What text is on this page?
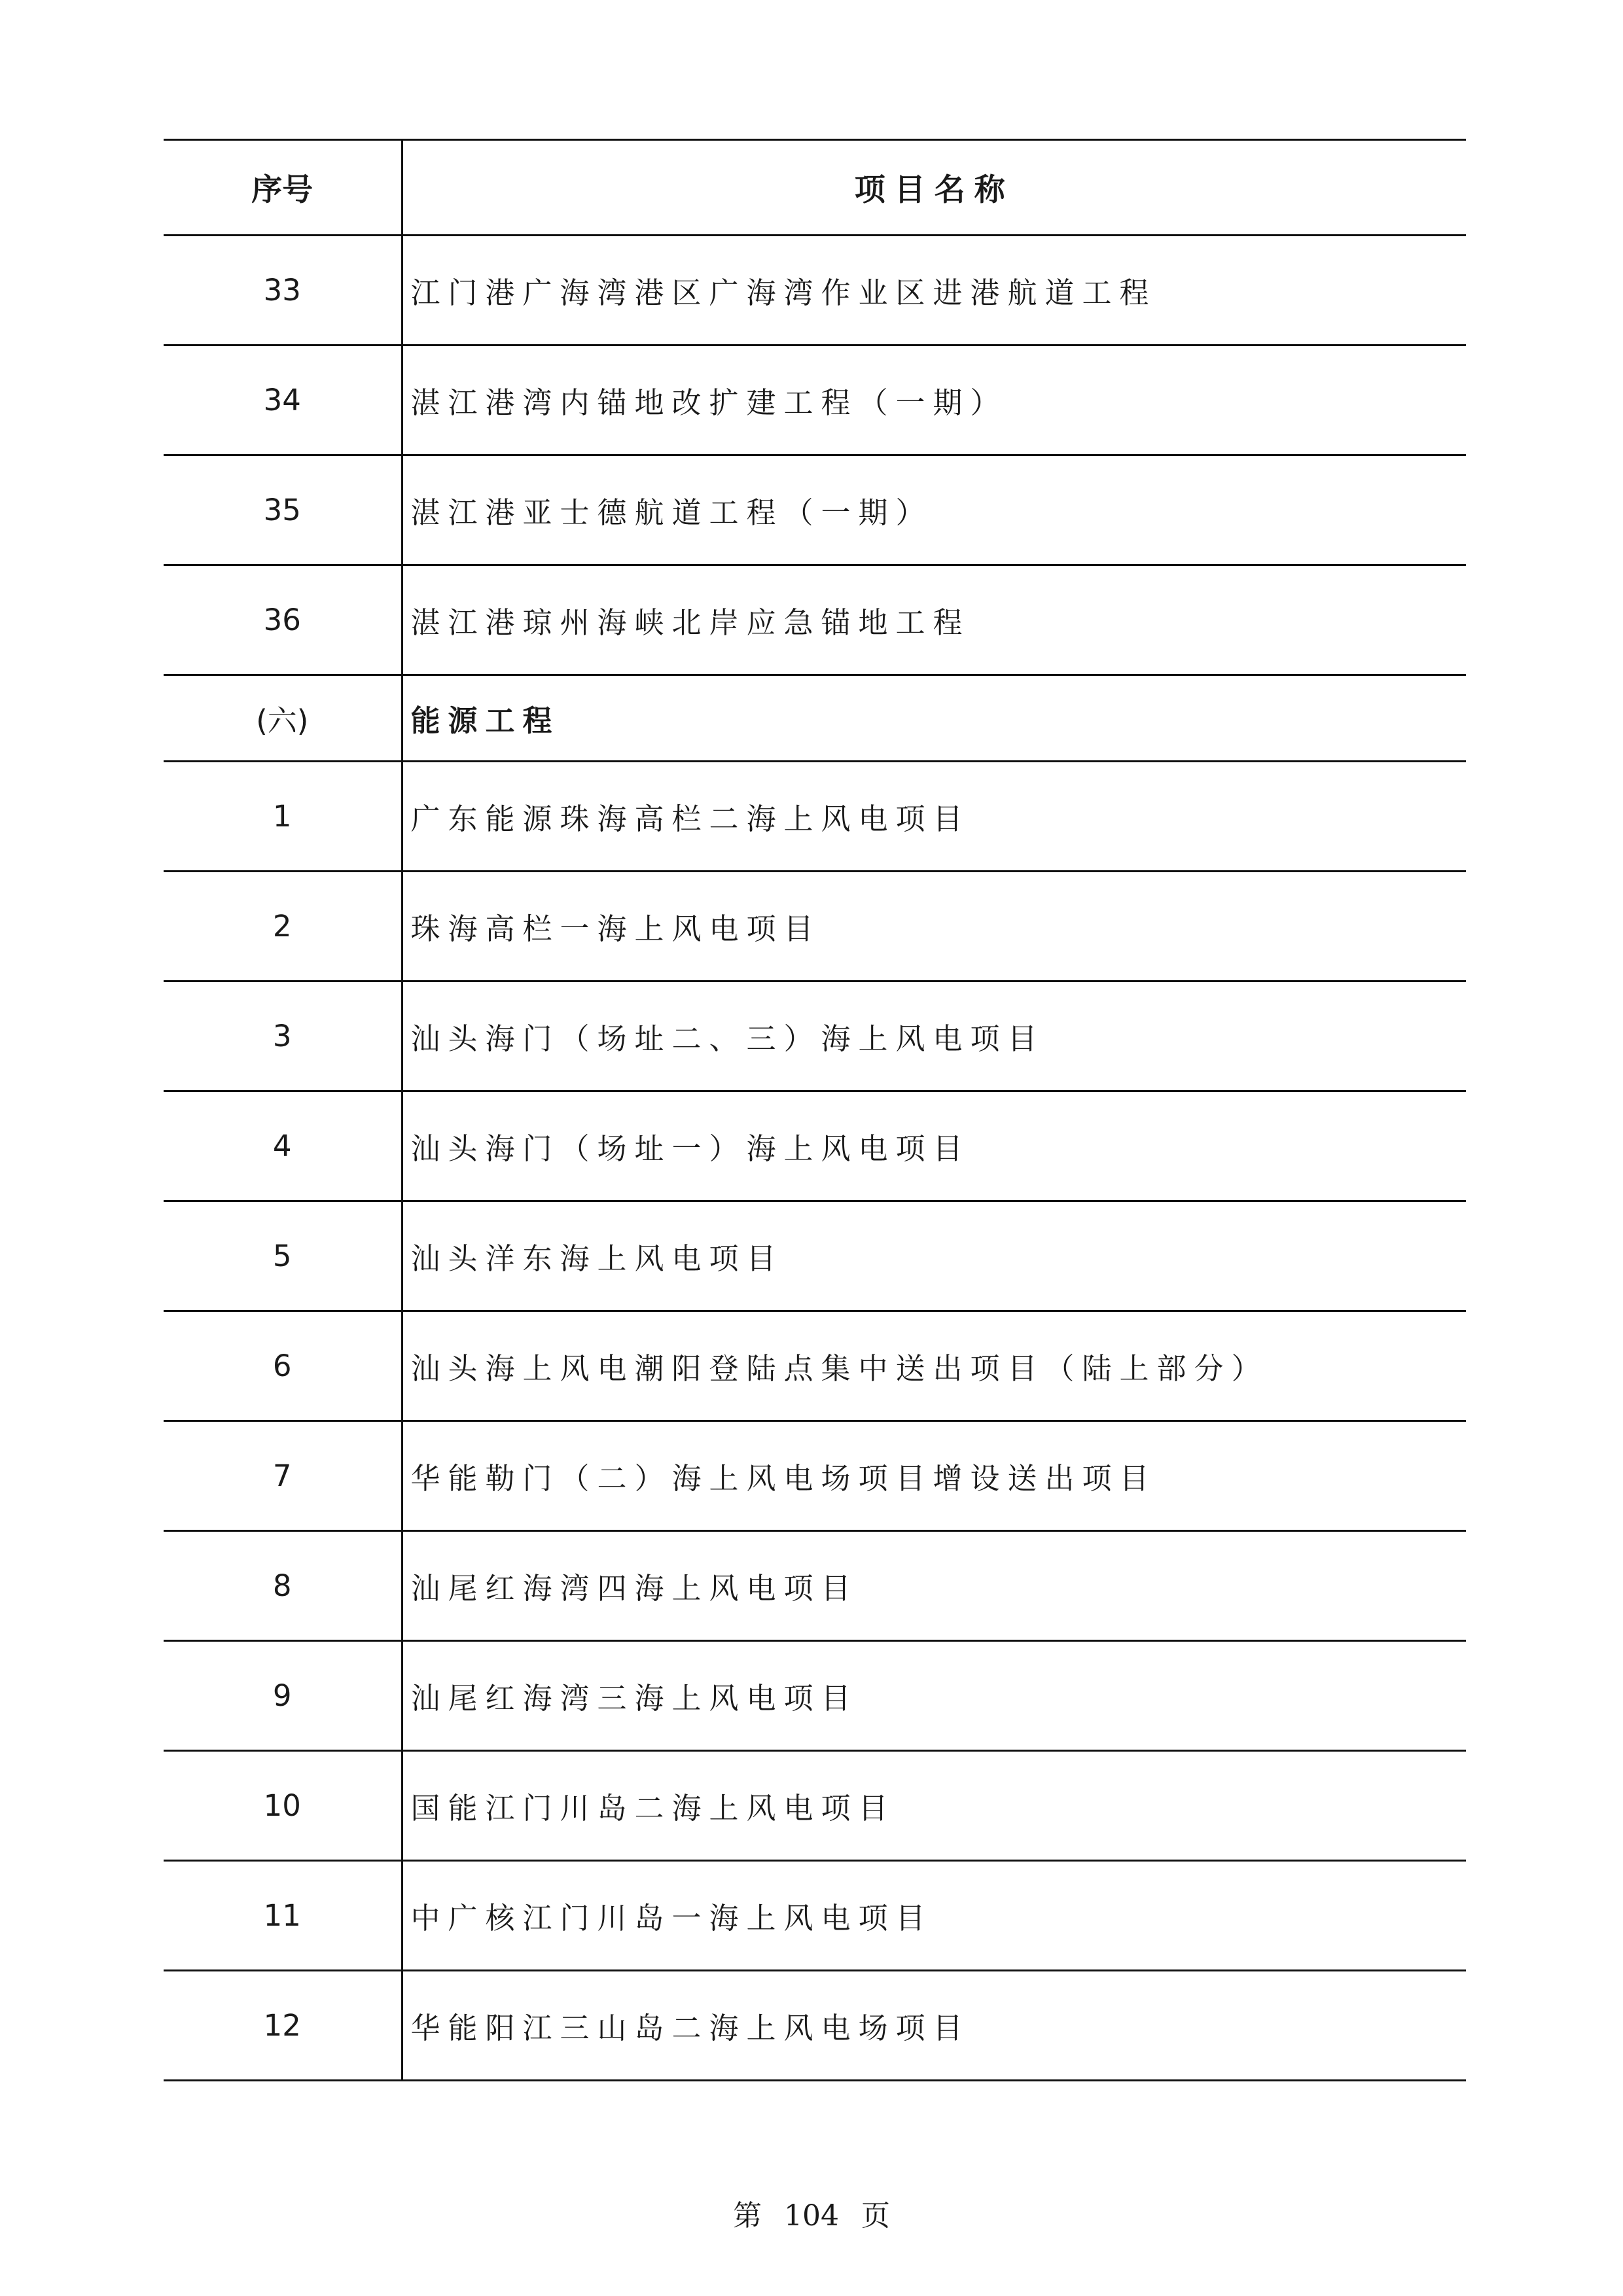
序号	项目名称
33	江门港广海湾港区广海湾作业区进港航道工程
34	湛江港湾内锚地改扩建工程（一期）
35	湛江港亚士德航道工程（一期）
36	湛江港琼州海峡北岸应急锚地工程
(六)	能源工程
1	广东能源珠海高栏二海上风电项目
2	珠海高栏一海上风电项目
3	汕头海门（场址二、三）海上风电项目
4	汕头海门（场址一）海上风电项目
5	汕头洋东海上风电项目
6	汕头海上风电潮阳登陆点集中送出项目（陆上部分）
7	华能勒门（二）海上风电场项目增设送出项目
8	汕尾红海湾四海上风电项目
9	汕尾红海湾三海上风电项目
10	国能江门川岛二海上风电项目
11	中广核江门川岛一海上风电项目
12	华能阳江三山岛二海上风电场项目
第 104 页
